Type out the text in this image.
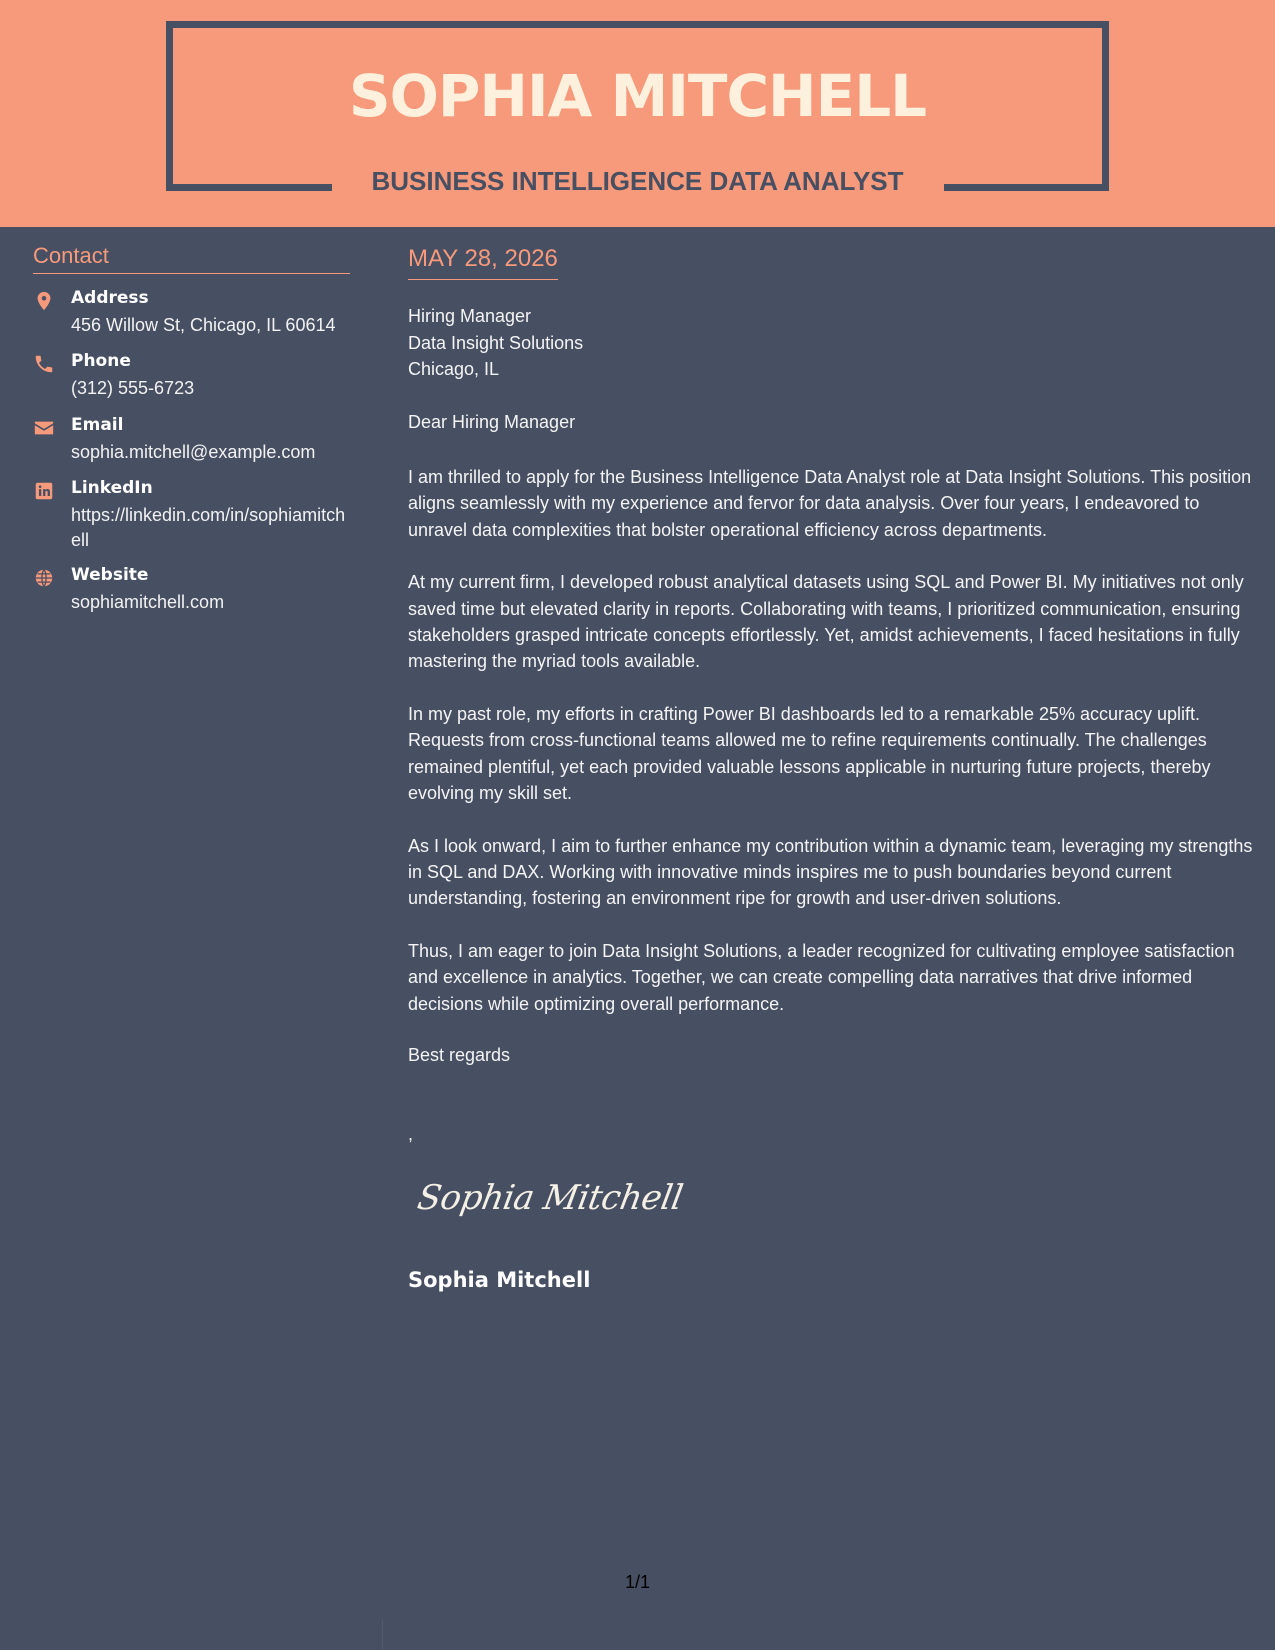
SOPHIA MITCHELL
BUSINESS INTELLIGENCE DATA ANALYST
Contact
Address
456 Willow St, Chicago, IL 60614
Phone
(312) 555-6723
Email
sophia.mitchell@example.com
LinkedIn
https://linkedin.com/in/sophiamitchell
Website
sophiamitchell.com
MAY 28, 2026
Hiring Manager
Data Insight Solutions
Chicago, IL
Dear Hiring Manager

I am thrilled to apply for the Business Intelligence Data Analyst role at Data Insight Solutions. This position aligns seamlessly with my experience and fervor for data analysis. Over four years, I endeavored to unravel data complexities that bolster operational efficiency across departments.

At my current firm, I developed robust analytical datasets using SQL and Power BI. My initiatives not only saved time but elevated clarity in reports. Collaborating with teams, I prioritized communication, ensuring stakeholders grasped intricate concepts effortlessly. Yet, amidst achievements, I faced hesitations in fully mastering the myriad tools available.

In my past role, my efforts in crafting Power BI dashboards led to a remarkable 25% accuracy uplift. Requests from cross-functional teams allowed me to refine requirements continually. The challenges remained plentiful, yet each provided valuable lessons applicable in nurturing future projects, thereby evolving my skill set.

As I look onward, I aim to further enhance my contribution within a dynamic team, leveraging my strengths in SQL and DAX. Working with innovative minds inspires me to push boundaries beyond current understanding, fostering an environment ripe for growth and user-driven solutions.

Thus, I am eager to join Data Insight Solutions, a leader recognized for cultivating employee satisfaction and excellence in analytics. Together, we can create compelling data narratives that drive informed decisions while optimizing overall performance.

Best regards
,
Sophia Mitchell
Sophia Mitchell
1/1
